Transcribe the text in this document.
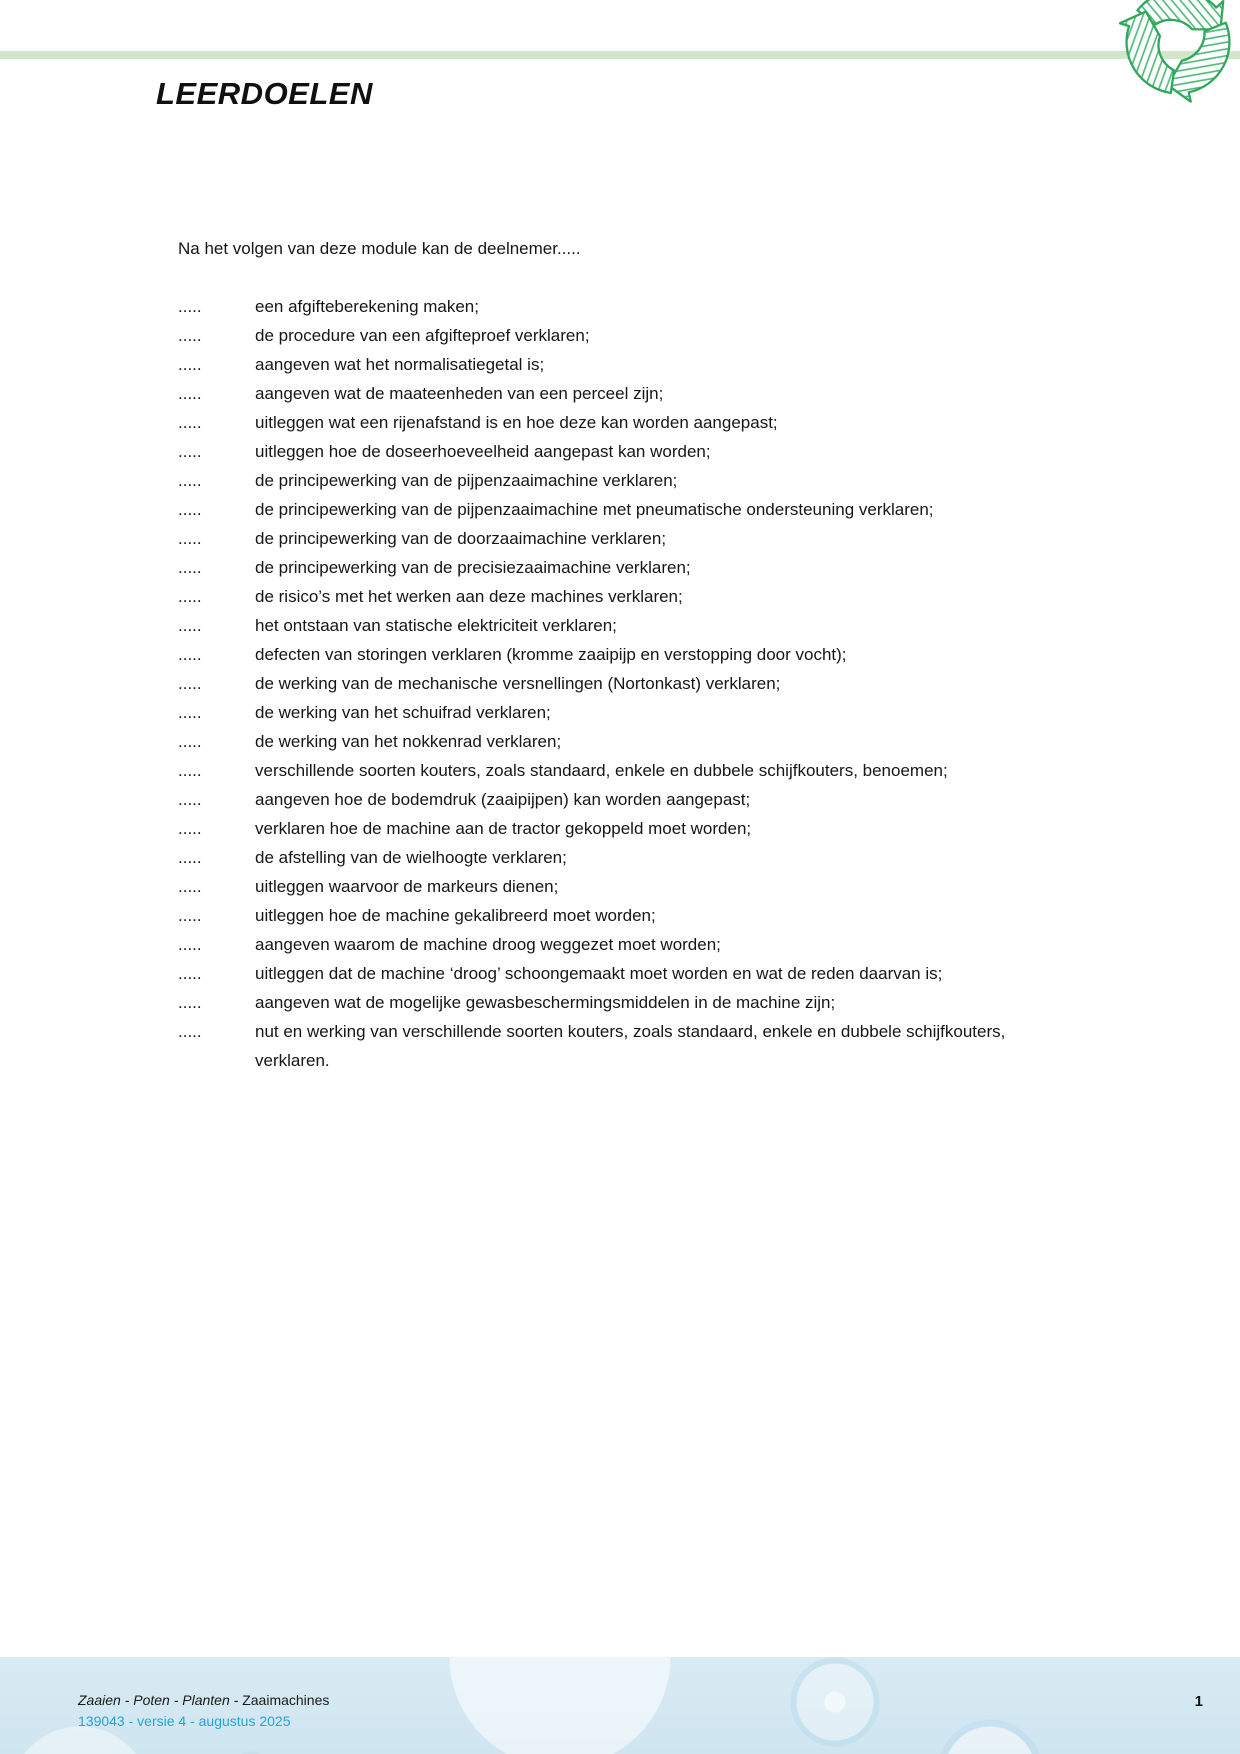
LEERDOELEN

Na het volgen van deze module kan de deelnemer.....

.....	een afgifteberekening maken;
.....	de procedure van een afgifteproef verklaren;
.....	aangeven wat het normalisatiegetal is;
.....	aangeven wat de maateenheden van een perceel zijn;
.....	uitleggen wat een rijenafstand is en hoe deze kan worden aangepast;
.....	uitleggen hoe de doseerhoeveelheid aangepast kan worden;
.....	de principewerking van de pijpenzaaimachine verklaren;
.....	de principewerking van de pijpenzaaimachine met pneumatische ondersteuning verklaren;
.....	de principewerking van de doorzaaimachine verklaren;
.....	de principewerking van de precisiezaaimachine verklaren;
.....	de risico’s met het werken aan deze machines verklaren;
.....	het ontstaan van statische elektriciteit verklaren;
.....	defecten van storingen verklaren (kromme zaaipijp en verstopping door vocht);
.....	de werking van de mechanische versnellingen (Nortonkast) verklaren;
.....	de werking van het schuifrad verklaren;
.....	de werking van het nokkenrad verklaren;
.....	verschillende soorten kouters, zoals standaard, enkele en dubbele schijfkouters, benoemen;
.....	aangeven hoe de bodemdruk (zaaipijpen) kan worden aangepast;
.....	verklaren hoe de machine aan de tractor gekoppeld moet worden;
.....	de afstelling van de wielhoogte verklaren;
.....	uitleggen waarvoor de markeurs dienen;
.....	uitleggen hoe de machine gekalibreerd moet worden;
.....	aangeven waarom de machine droog weggezet moet worden;
.....	uitleggen dat de machine ‘droog’ schoongemaakt moet worden en wat de reden daarvan is;
.....	aangeven wat de mogelijke gewasbeschermingsmiddelen in de machine zijn;
.....	nut en werking van verschillende soorten kouters, zoals standaard, enkele en dubbele schijfkouters, verklaren.
Zaaien - Poten - Planten - Zaaimachines
139043 - versie 4 - augustus 2025
1
